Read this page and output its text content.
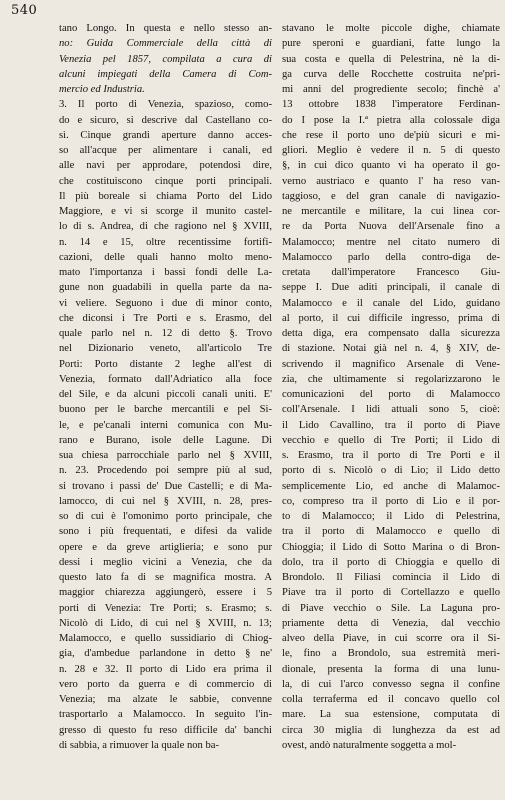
540
tano Longo. In questa e nello stesso an-
no: Guida Commerciale della città di
Venezia pel 1857, compilata a cura di
alcuni impiegati della Camera di Com-
mercio ed Industria.
3. Il porto di Venezia, spazioso, como-
do e sicuro, si descrive dal Castellano co-
sì. Cinque grandi aperture danno acces-
so all'acque per alimentare i canali, ed
alle navi per approdare, potendosi dire,
che costituiscono cinque porti principali.
Il più boreale si chiama Porto del Lido
Maggiore, e vi si scorge il munito castel-
lo di s. Andrea, di che ragiono nel § XVIII,
n. 14 e 15, oltre recentissime fortifi-
cazioni, delle quali hanno molto meno-
mato l'importanza i bassi fondi delle La-
gune non guadabili in quella parte da na-
vi veliere. Seguono i due di minor conto,
che diconsi i Tre Porti e s. Erasmo, del
quale parlo nel n. 12 di detto §. Trovo
nel Dizionario veneto, all'articolo Tre
Porti: Porto distante 2 leghe all'est di
Venezia, formato dall'Adriatico alla foce
del Sile, e da alcuni piccoli canali uniti. E'
buono per le barche mercantili e pel Si-
le, e pe'canali interni comunica con Mu-
rano e Burano, isole delle Lagune. Di
sua chiesa parrocchiale parlo nel § XVIII,
n. 23. Procedendo poi sempre più al sud,
si trovano i passi de' Due Castelli; e di Ma-
lamocco, di cui nel § XVIII, n. 28, pres-
so di cui è l'omonimo porto principale, che
sono i più frequentati, e difesi da valide
opere e da greve artiglieria; e sono pur
dessi i meglio vicini a Venezia, che da
questo lato fa di se magnifica mostra. A
maggior chiarezza aggiungerò, essere i 5
porti di Venezia: Tre Porti; s. Erasmo; s.
Nicolò di Lido, di cui nel § XVIII, n. 13;
Malamocco, e quello sussidiario di Chiog-
gia, d'ambedue parlandone in detto § ne'
n. 28 e 32. Il porto di Lido era prima il
vero porto da guerra e di commercio di
Venezia; ma alzate le sabbie, convenne
trasportarlo a Malamocco. In seguito l'in-
gresso di questo fu reso difficile da' banchi
di sabbia, a rimuover la quale non ba-
stavano le molte piccole dighe, chiamate
pure speroni e guardiani, fatte lungo la
sua costa e quella di Pelestrina, nè la di-
ga curva delle Rocchette costruita ne'pri-
mi anni del progrediente secolo; finchè a'
13 ottobre 1838 l'imperatore Ferdinan-
do I pose la I.ª pietra alla colossale diga
che rese il porto uno de'più sicuri e mi-
gliori. Meglio è vedere il n. 5 di questo
§, in cui dico quanto vi ha operato il go-
verno austriaco e quanto l' ha reso van-
taggioso, e del gran canale di navigazio-
ne mercantile e militare, la cui linea cor-
re da Porta Nuova dell'Arsenale fino a
Malamocco; mentre nel citato numero di
Malamocco parlo della contro-diga de-
cretata dall'imperatore Francesco Giu-
seppe I. Due aditi principali, il canale di
Malamocco e il canale del Lido, guidano
al porto, il cui difficile ingresso, prima di
detta diga, era compensato dalla sicurezza
di stazione. Notai già nel n. 4, § XIV, de-
scrivendo il magnifico Arsenale di Vene-
zia, che ultimamente si regolarizzarono le
comunicazioni del porto di Malamocco
coll'Arsenale. I lidi attuali sono 5, cioè:
il Lido Cavallino, tra il porto di Piave
vecchio e quello di Tre Porti; il Lido di
s. Erasmo, tra il porto di Tre Porti e il
porto di s. Nicolò o di Lio; il Lido detto
semplicemente Lio, ed anche di Malamoc-
co, compreso tra il porto di Lio e il por-
to di Malamocco; il Lido di Pelestrina,
tra il porto di Malamocco e quello di
Chioggia; il Lido di Sotto Marina o di Bron-
dolo, tra il porto di Chioggia e quello di
Brondolo. Il Filiasi comincia il Lido di
Piave tra il porto di Cortellazzo e quello
di Piave vecchio o Sile. La Laguna pro-
priamente detta di Venezia, dal vecchio
alveo della Piave, in cui scorre ora il Si-
le, fino a Brondolo, sua estremità meri-
dionale, presenta la forma di una lunu-
la, di cui l'arco convesso segna il confine
colla terraferma ed il concavo quello col
mare. La sua estensione, computata di
circa 30 miglia di lunghezza da est ad
ovest, andò naturalmente soggetta a mol-
